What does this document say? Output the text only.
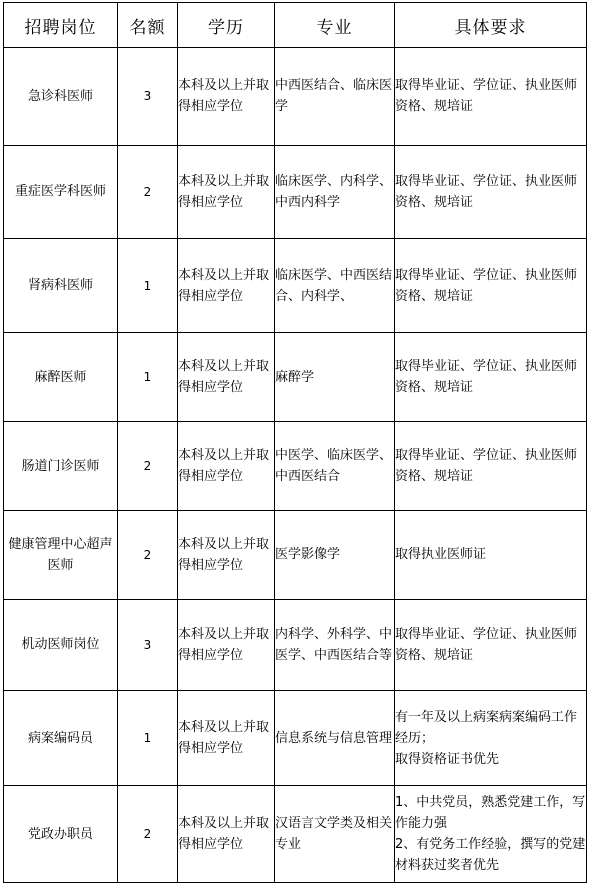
招聘岗位	名额	学历	专业	具体要求
急诊科医师	3	本科及以上并取得相应学位	中西医结合、临床医学	取得毕业证、学位证、执业医师资格、规培证

重症医学科医师	2	本科及以上并取得相应学位	临床医学、内科学、中西内科学	取得毕业证、学位证、执业医师资格、规培证

肾病科医师	1	本科及以上并取得相应学位	临床医学、中西医结合、内科学、	取得毕业证、学位证、执业医师资格、规培证

麻醉医师	1	本科及以上并取得相应学位	麻醉学	取得毕业证、学位证、执业医师资格、规培证

肠道门诊医师	2	本科及以上并取得相应学位	中医学、临床医学、中西医结合	取得毕业证、学位证、执业医师资格、规培证

健康管理中心超声医师	2	本科及以上并取得相应学位	医学影像学	取得执业医师证

机动医师岗位	3	本科及以上并取得相应学位	内科学、外科学、中医学、中西医结合等	取得毕业证、学位证、执业医师资格、规培证

病案编码员	1	本科及以上并取得相应学位	信息系统与信息管理	有一年及以上病案病案编码工作经历；
取得资格证书优先

党政办职员	2	本科及以上并取得相应学位	汉语言文学类及相关专业	1、中共党员，熟悉党建工作，写作能力强
2、有党务工作经验，撰写的党建材料获过奖者优先
